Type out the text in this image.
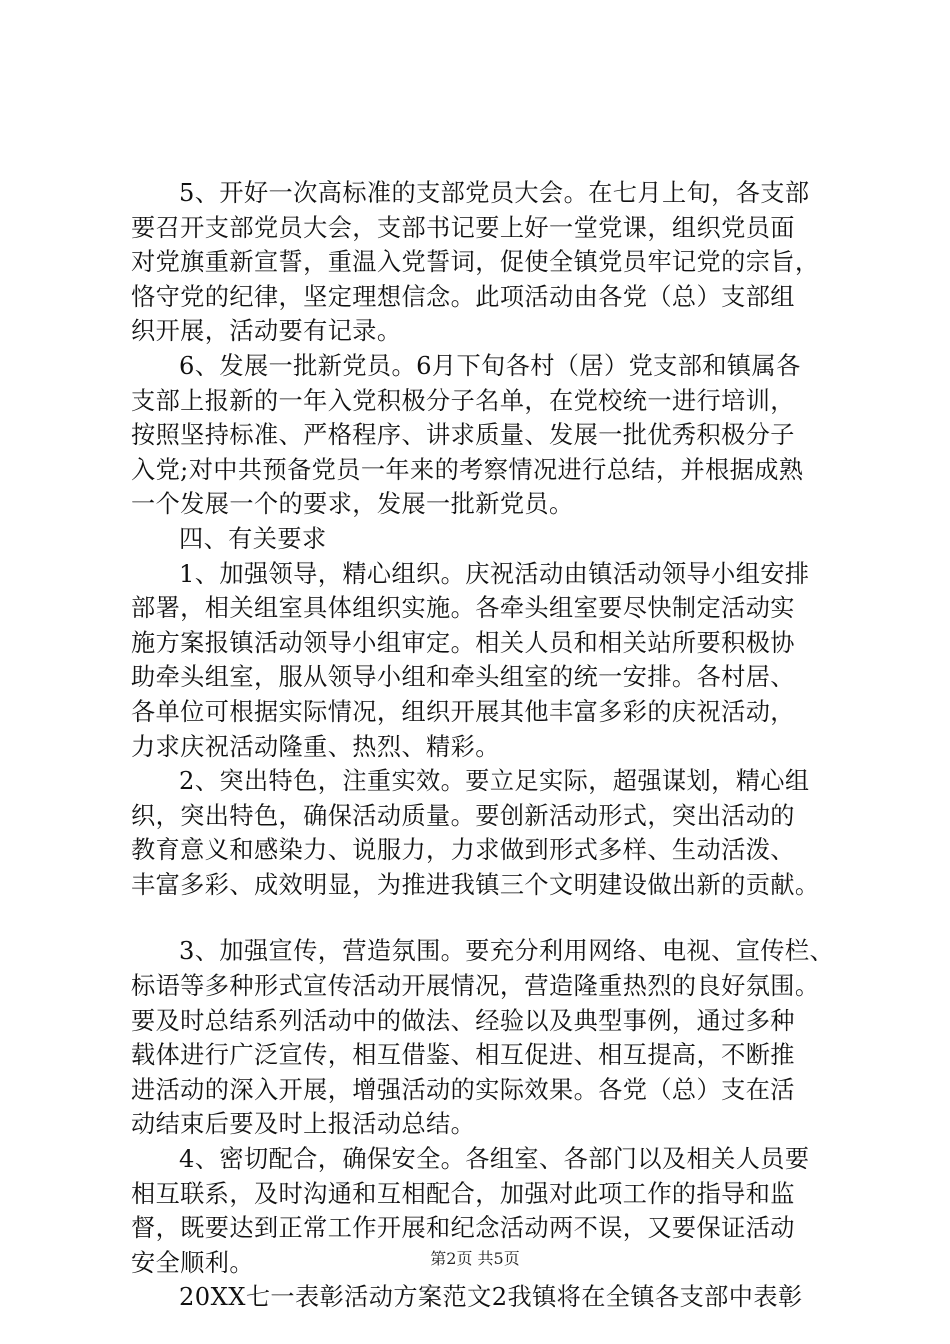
5、开好一次高标准的支部党员大会。在七月上旬，各支部
要召开支部党员大会，支部书记要上好一堂党课，组织党员面
对党旗重新宣誓，重温入党誓词，促使全镇党员牢记党的宗旨，
恪守党的纪律，坚定理想信念。此项活动由各党（总）支部组
织开展，活动要有记录。
6、发展一批新党员。6月下旬各村（居）党支部和镇属各
支部上报新的一年入党积极分子名单，在党校统一进行培训，
按照坚持标准、严格程序、讲求质量、发展一批优秀积极分子
入党;对中共预备党员一年来的考察情况进行总结，并根据成熟
一个发展一个的要求，发展一批新党员。
四、有关要求
1、加强领导，精心组织。庆祝活动由镇活动领导小组安排
部署，相关组室具体组织实施。各牵头组室要尽快制定活动实
施方案报镇活动领导小组审定。相关人员和相关站所要积极协
助牵头组室，服从领导小组和牵头组室的统一安排。各村居、
各单位可根据实际情况，组织开展其他丰富多彩的庆祝活动，
力求庆祝活动隆重、热烈、精彩。
2、突出特色，注重实效。要立足实际，超强谋划，精心组
织，突出特色，确保活动质量。要创新活动形式，突出活动的
教育意义和感染力、说服力，力求做到形式多样、生动活泼、
丰富多彩、成效明显，为推进我镇三个文明建设做出新的贡献。
3、加强宣传，营造氛围。要充分利用网络、电视、宣传栏、
标语等多种形式宣传活动开展情况，营造隆重热烈的良好氛围。
要及时总结系列活动中的做法、经验以及典型事例，通过多种
载体进行广泛宣传，相互借鉴、相互促进、相互提高，不断推
进活动的深入开展，增强活动的实际效果。各党（总）支在活
动结束后要及时上报活动总结。
4、密切配合，确保安全。各组室、各部门以及相关人员要
相互联系，及时沟通和互相配合，加强对此项工作的指导和监
督，既要达到正常工作开展和纪念活动两不误，又要保证活动
安全顺利。
20XX七一表彰活动方案范文2我镇将在全镇各支部中表彰
第2页 共5页
